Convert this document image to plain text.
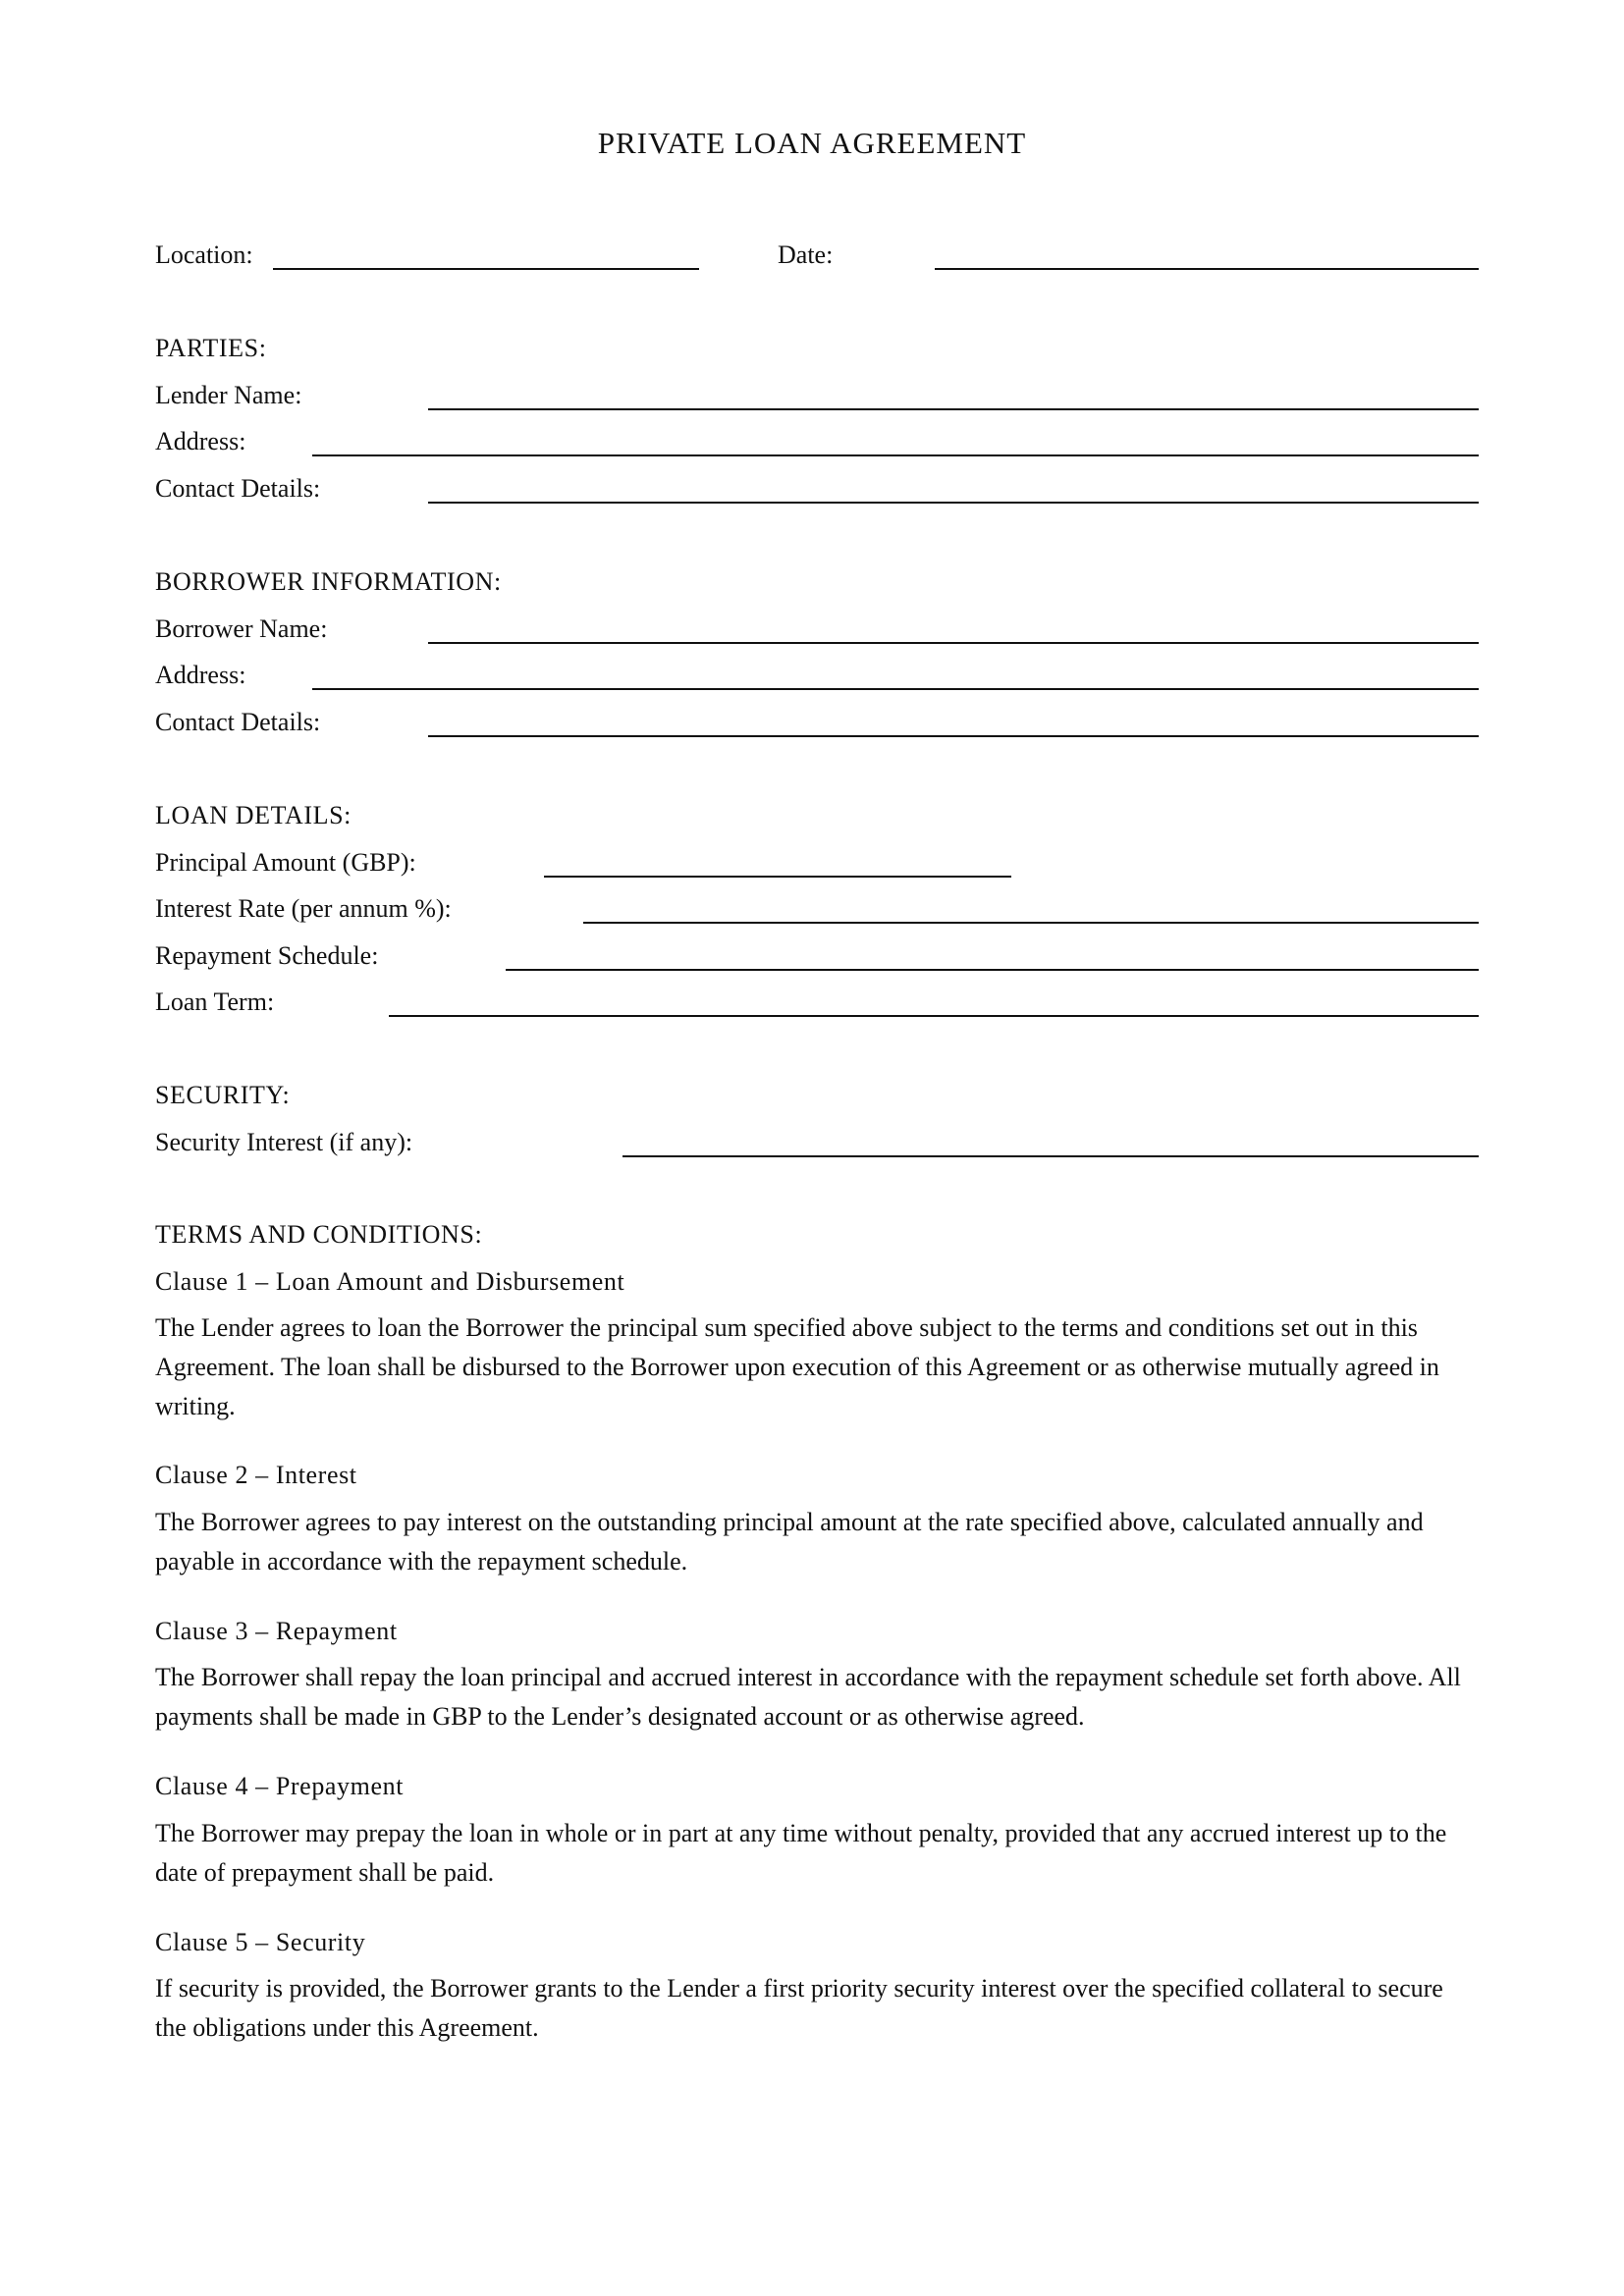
PRIVATE LOAN AGREEMENT
Location:	Date:
PARTIES:
Lender Name:
Address:
Contact Details:
BORROWER INFORMATION:
Borrower Name:
Address:
Contact Details:
LOAN DETAILS:
Principal Amount (GBP):
Interest Rate (per annum %):
Repayment Schedule:
Loan Term:
SECURITY:
Security Interest (if any):
TERMS AND CONDITIONS:
Clause 1 – Loan Amount and Disbursement

The Lender agrees to loan the Borrower the principal sum specified above subject to the terms and conditions set out in this Agreement. The loan shall be disbursed to the Borrower upon execution of this Agreement or as otherwise mutually agreed in writing.

Clause 2 – Interest

The Borrower agrees to pay interest on the outstanding principal amount at the rate specified above, calculated annually and payable in accordance with the repayment schedule.

Clause 3 – Repayment

The Borrower shall repay the loan principal and accrued interest in accordance with the repayment schedule set forth above. All payments shall be made in GBP to the Lender’s designated account or as otherwise agreed.

Clause 4 – Prepayment

The Borrower may prepay the loan in whole or in part at any time without penalty, provided that any accrued interest up to the date of prepayment shall be paid.

Clause 5 – Security

If security is provided, the Borrower grants to the Lender a first priority security interest over the specified collateral to secure the obligations under this Agreement.
